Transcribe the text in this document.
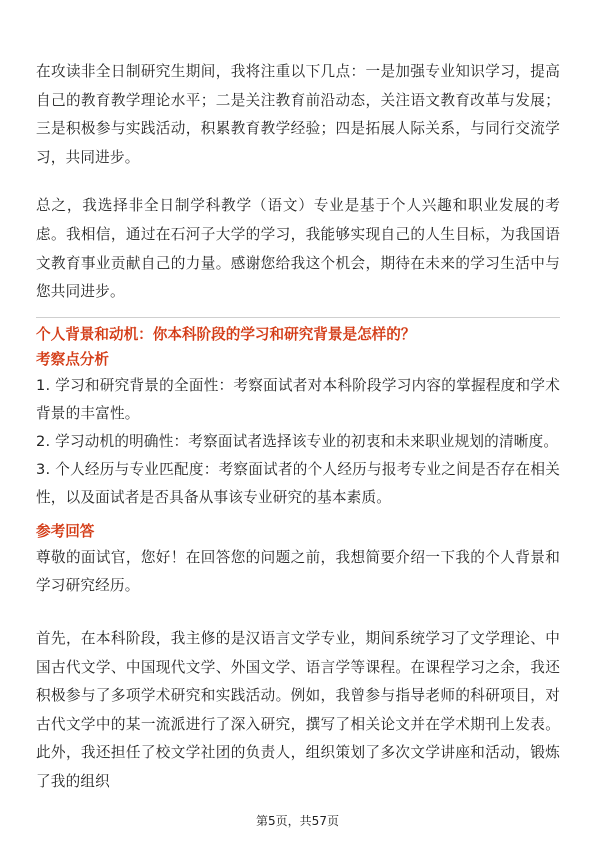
在攻读非全日制研究生期间，我将注重以下几点：一是加强专业知识学习，提高自己的教育教学理论水平；二是关注教育前沿动态，关注语文教育改革与发展；三是积极参与实践活动，积累教育教学经验；四是拓展人际关系，与同行交流学习，共同进步。

总之，我选择非全日制学科教学（语文）专业是基于个人兴趣和职业发展的考虑。我相信，通过在石河子大学的学习，我能够实现自己的人生目标，为我国语文教育事业贡献自己的力量。感谢您给我这个机会，期待在未来的学习生活中与您共同进步。

个人背景和动机：你本科阶段的学习和研究背景是怎样的？

考察点分析

1. 学习和研究背景的全面性：考察面试者对本科阶段学习内容的掌握程度和学术背景的丰富性。
2. 学习动机的明确性：考察面试者选择该专业的初衷和未来职业规划的清晰度。
3. 个人经历与专业匹配度：考察面试者的个人经历与报考专业之间是否存在相关性，以及面试者是否具备从事该专业研究的基本素质。

参考回答

尊敬的面试官，您好！在回答您的问题之前，我想简要介绍一下我的个人背景和学习研究经历。

首先，在本科阶段，我主修的是汉语言文学专业，期间系统学习了文学理论、中国古代文学、中国现代文学、外国文学、语言学等课程。在课程学习之余，我还积极参与了多项学术研究和实践活动。例如，我曾参与指导老师的科研项目，对古代文学中的某一流派进行了深入研究，撰写了相关论文并在学术期刊上发表。此外，我还担任了校文学社团的负责人，组织策划了多次文学讲座和活动，锻炼了我的组织

第5页，共57页
